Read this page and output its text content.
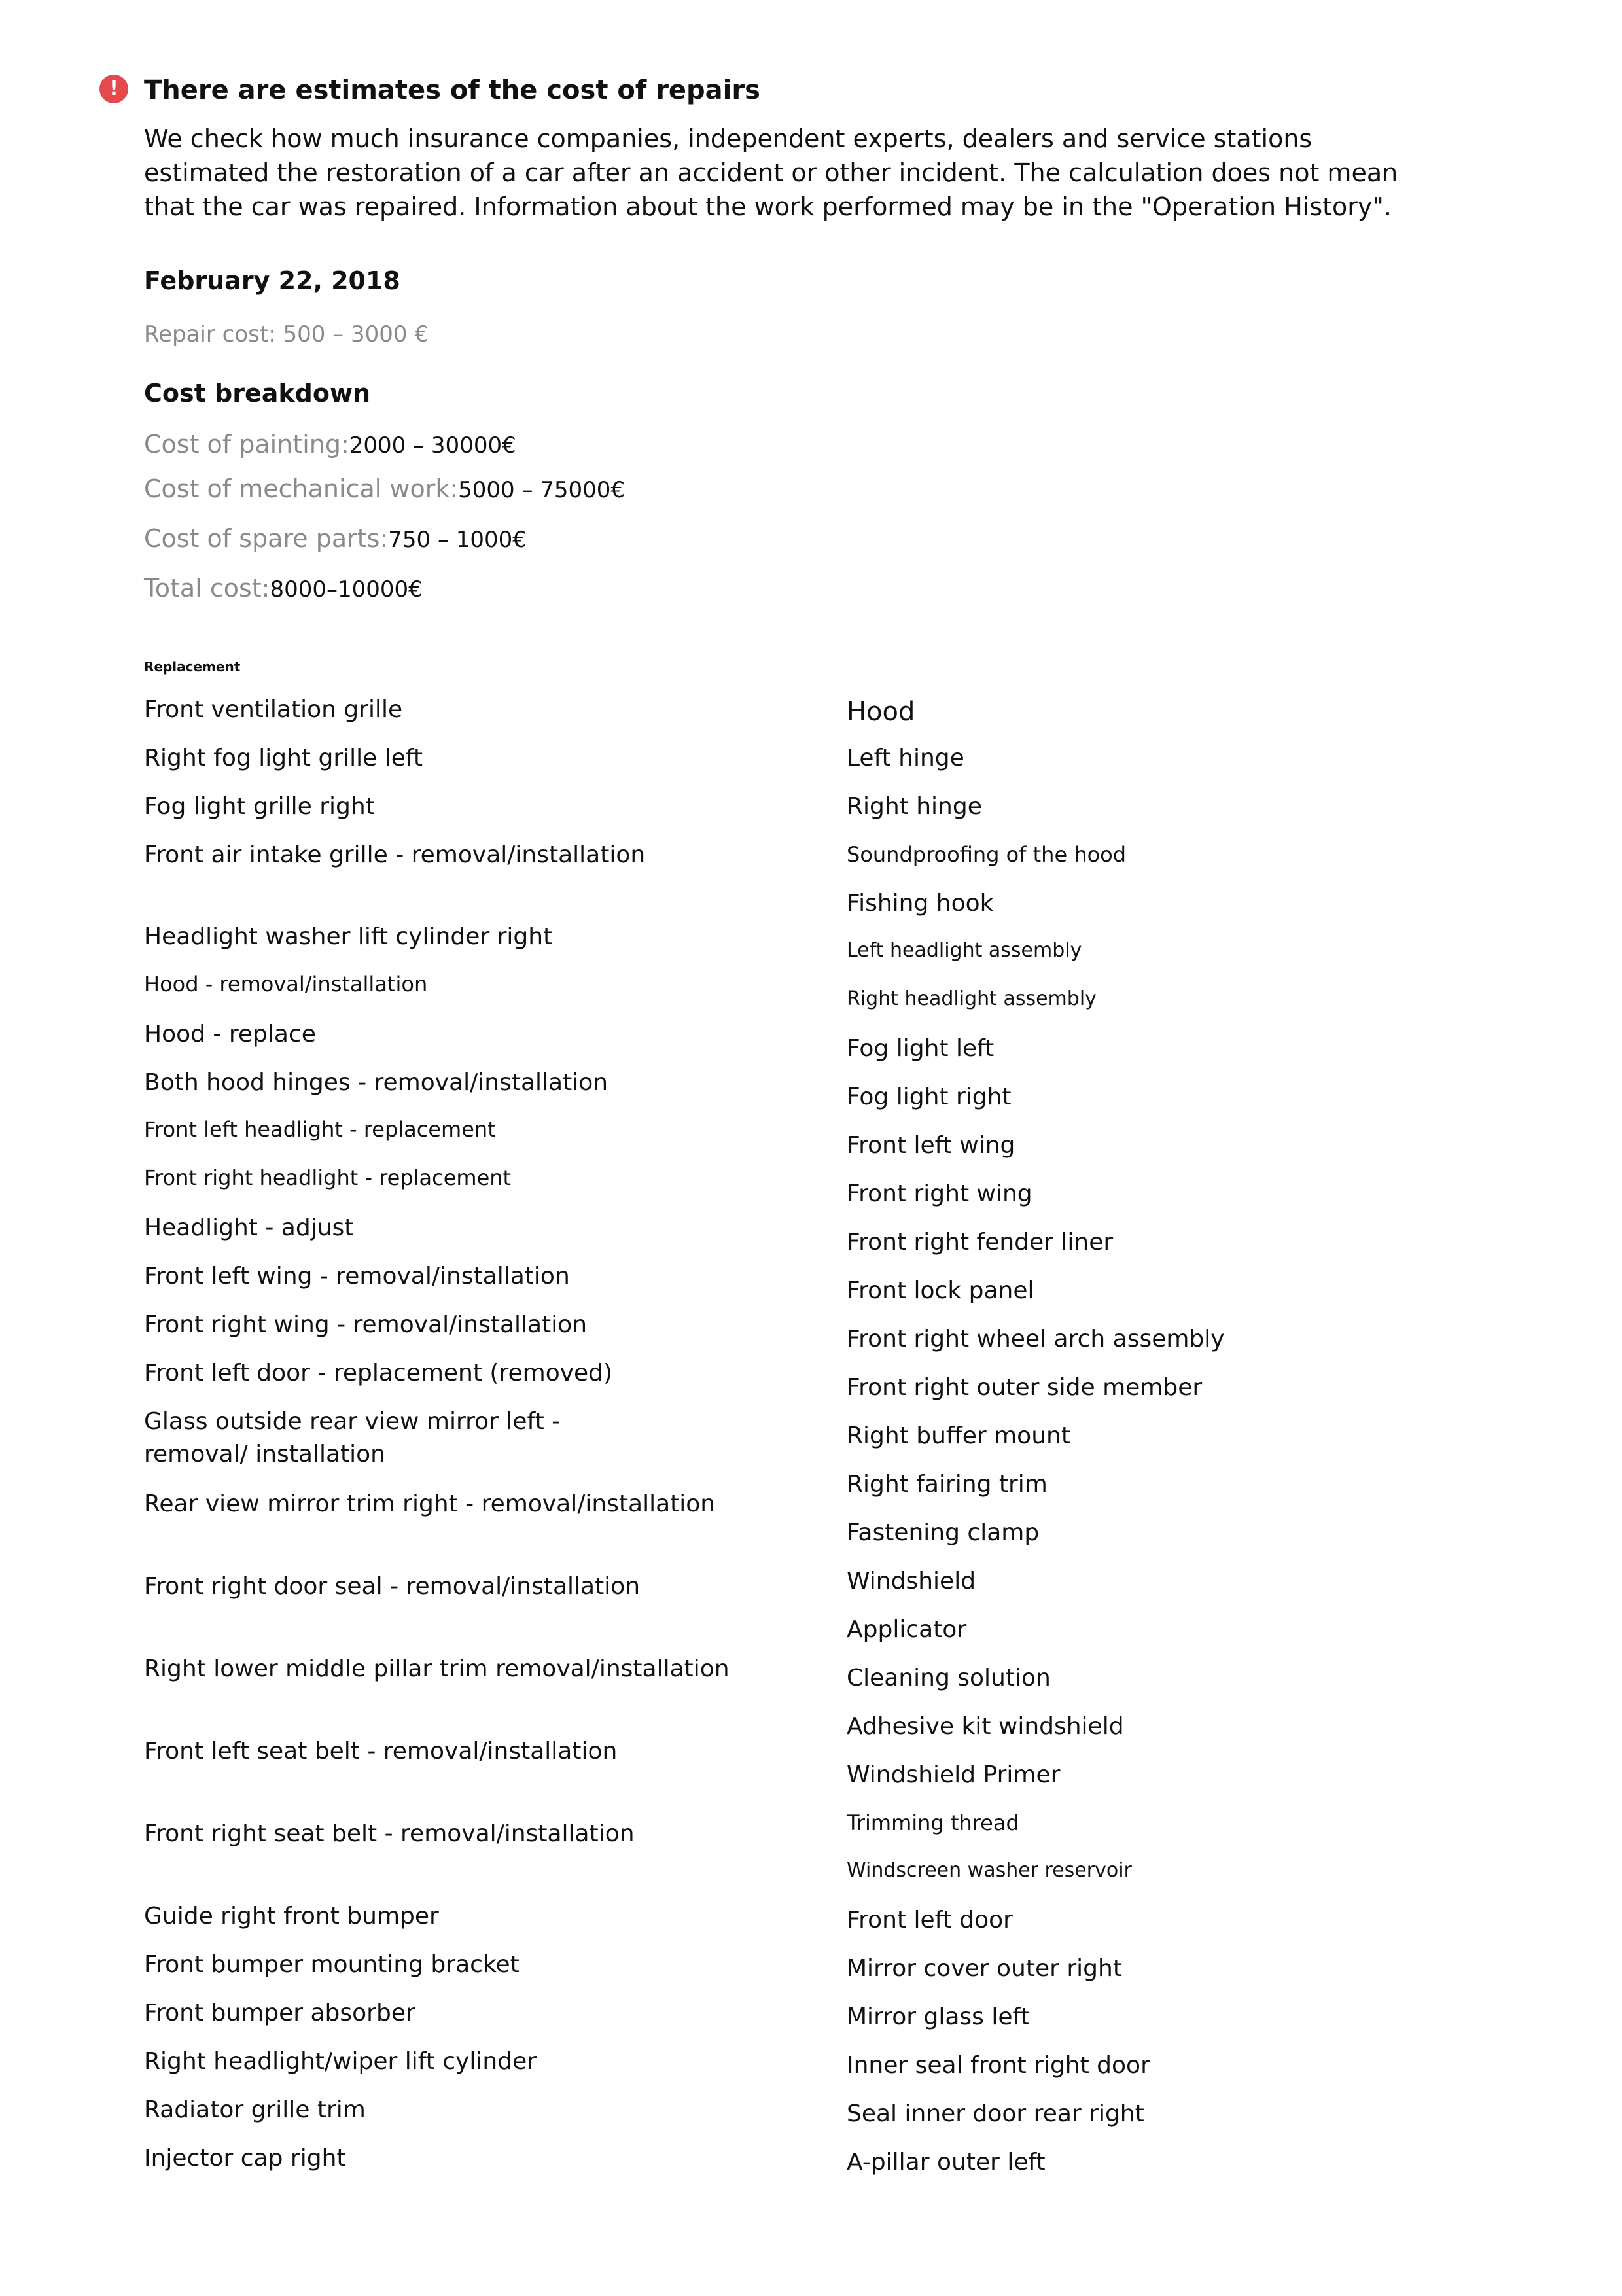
! There are estimates of the cost of repairs

We check how much insurance companies, independent experts, dealers and service stations estimated the restoration of a car after an accident or other incident. The calculation does not mean that the car was repaired. Information about the work performed may be in the "Operation History".

February 22, 2018

Repair cost: 500 – 3000 €

Cost breakdown
Cost of painting:2000 – 30000€
Cost of mechanical work:5000 – 75000€
Cost of spare parts:750 – 1000€
Total cost:8000–10000€
Replacement
Front ventilation grille
Right fog light grille left
Fog light grille right
Front air intake grille - removal/installation
Headlight washer lift cylinder right
Hood - removal/installation
Hood - replace
Both hood hinges - removal/installation
Front left headlight - replacement
Front right headlight - replacement
Headlight - adjust
Front left wing - removal/installation
Front right wing - removal/installation
Front left door - replacement (removed)
Glass outside rear view mirror left - removal/ installation
Rear view mirror trim right - removal/installation
Front right door seal - removal/installation
Right lower middle pillar trim removal/installation
Front left seat belt - removal/installation
Front right seat belt - removal/installation
Guide right front bumper
Front bumper mounting bracket
Front bumper absorber
Right headlight/wiper lift cylinder
Radiator grille trim
Injector cap right
Hood
Left hinge
Right hinge
Soundproofing of the hood
Fishing hook
Left headlight assembly
Right headlight assembly
Fog light left
Fog light right
Front left wing
Front right wing
Front right fender liner
Front lock panel
Front right wheel arch assembly
Front right outer side member
Right buffer mount
Right fairing trim
Fastening clamp
Windshield
Applicator
Cleaning solution
Adhesive kit windshield
Windshield Primer
Trimming thread
Windscreen washer reservoir
Front left door
Mirror cover outer right
Mirror glass left
Inner seal front right door
Seal inner door rear right
A-pillar outer left
